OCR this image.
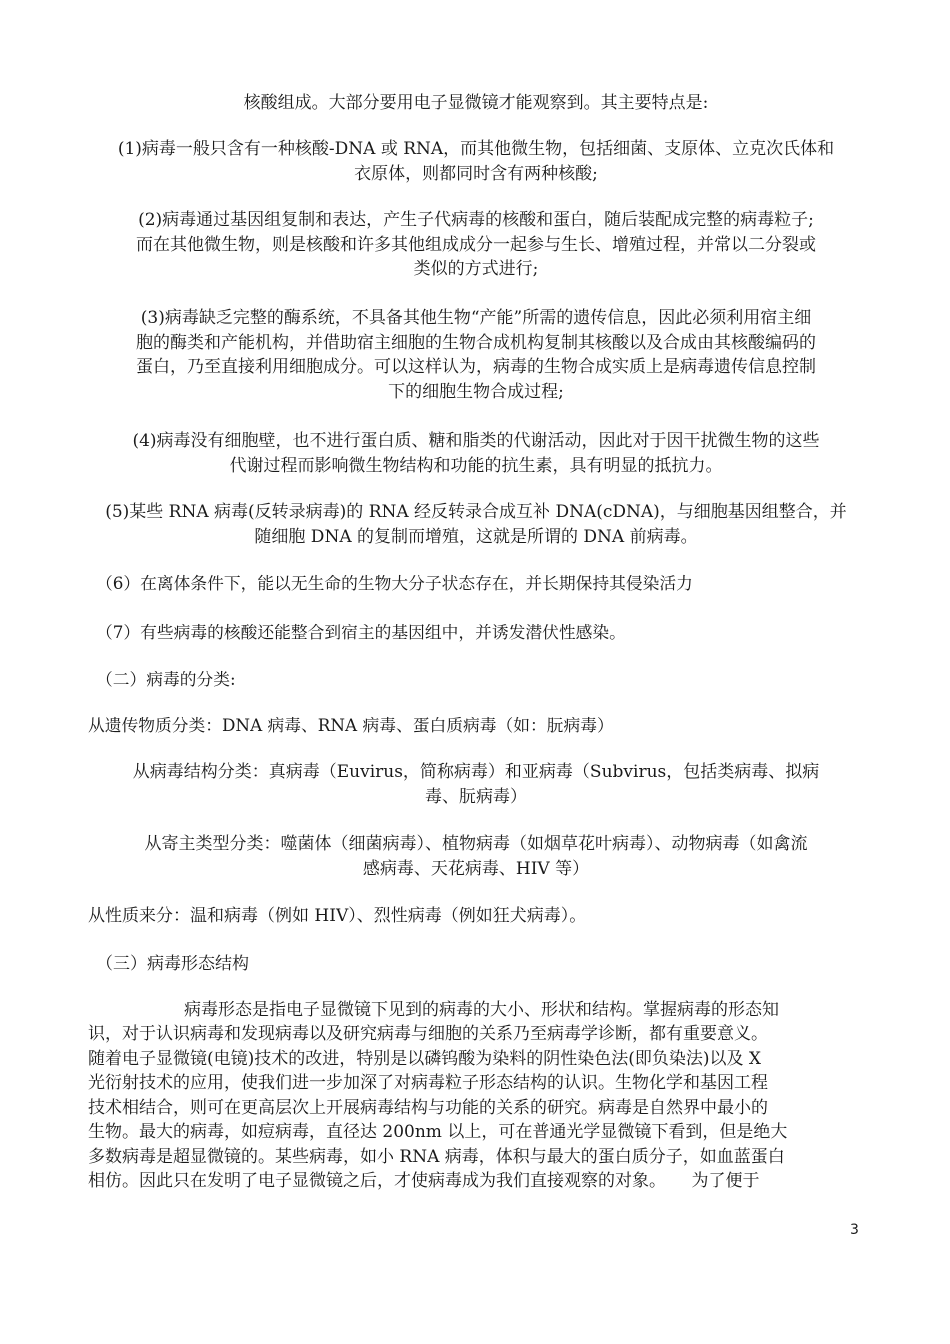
核酸组成。大部分要用电子显微镜才能观察到。其主要特点是:
(1)病毒一般只含有一种核酸-DNA 或 RNA，而其他微生物，包括细菌、支原体、立克次氏体和
衣原体，则都同时含有两种核酸;
(2)病毒通过基因组复制和表达，产生子代病毒的核酸和蛋白，随后装配成完整的病毒粒子;
而在其他微生物，则是核酸和许多其他组成成分一起参与生长、增殖过程，并常以二分裂或
类似的方式进行;
(3)病毒缺乏完整的酶系统，不具备其他生物“产能”所需的遗传信息，因此必须利用宿主细
胞的酶类和产能机构，并借助宿主细胞的生物合成机构复制其核酸以及合成由其核酸编码的
蛋白，乃至直接利用细胞成分。可以这样认为，病毒的生物合成实质上是病毒遗传信息控制
下的细胞生物合成过程;
(4)病毒没有细胞壁，也不进行蛋白质、糖和脂类的代谢活动，因此对于因干扰微生物的这些
代谢过程而影响微生物结构和功能的抗生素，具有明显的抵抗力。
(5)某些 RNA 病毒(反转录病毒)的 RNA 经反转录合成互补 DNA(cDNA)，与细胞基因组整合，并
随细胞 DNA 的复制而增殖，这就是所谓的 DNA 前病毒。
（6）在离体条件下，能以无生命的生物大分子状态存在，并长期保持其侵染活力
（7）有些病毒的核酸还能整合到宿主的基因组中，并诱发潜伏性感染。
（二）病毒的分类:
从遗传物质分类：DNA 病毒、RNA 病毒、蛋白质病毒（如：朊病毒）
从病毒结构分类：真病毒（Euvirus，简称病毒）和亚病毒（Subvirus，包括类病毒、拟病
毒、朊病毒）
从寄主类型分类：噬菌体（细菌病毒）、植物病毒（如烟草花叶病毒）、动物病毒（如禽流
感病毒、天花病毒、HIV 等）
从性质来分：温和病毒（例如 HIV）、烈性病毒（例如狂犬病毒）。
（三）病毒形态结构
病毒形态是指电子显微镜下见到的病毒的大小、形状和结构。掌握病毒的形态知
识，对于认识病毒和发现病毒以及研究病毒与细胞的关系乃至病毒学诊断，都有重要意义。
随着电子显微镜(电镜)技术的改进，特别是以磷钨酸为染料的阴性染色法(即负染法)以及 X
光衍射技术的应用，使我们进一步加深了对病毒粒子形态结构的认识。生物化学和基因工程
技术相结合，则可在更高层次上开展病毒结构与功能的关系的研究。病毒是自然界中最小的
生物。最大的病毒，如痘病毒，直径达 200nm 以上，可在普通光学显微镜下看到，但是绝大
多数病毒是超显微镜的。某些病毒，如小 RNA 病毒，体积与最大的蛋白质分子，如血蓝蛋白
相仿。因此只在发明了电子显微镜之后，才使病毒成为我们直接观察的对象。　　为了便于
3
